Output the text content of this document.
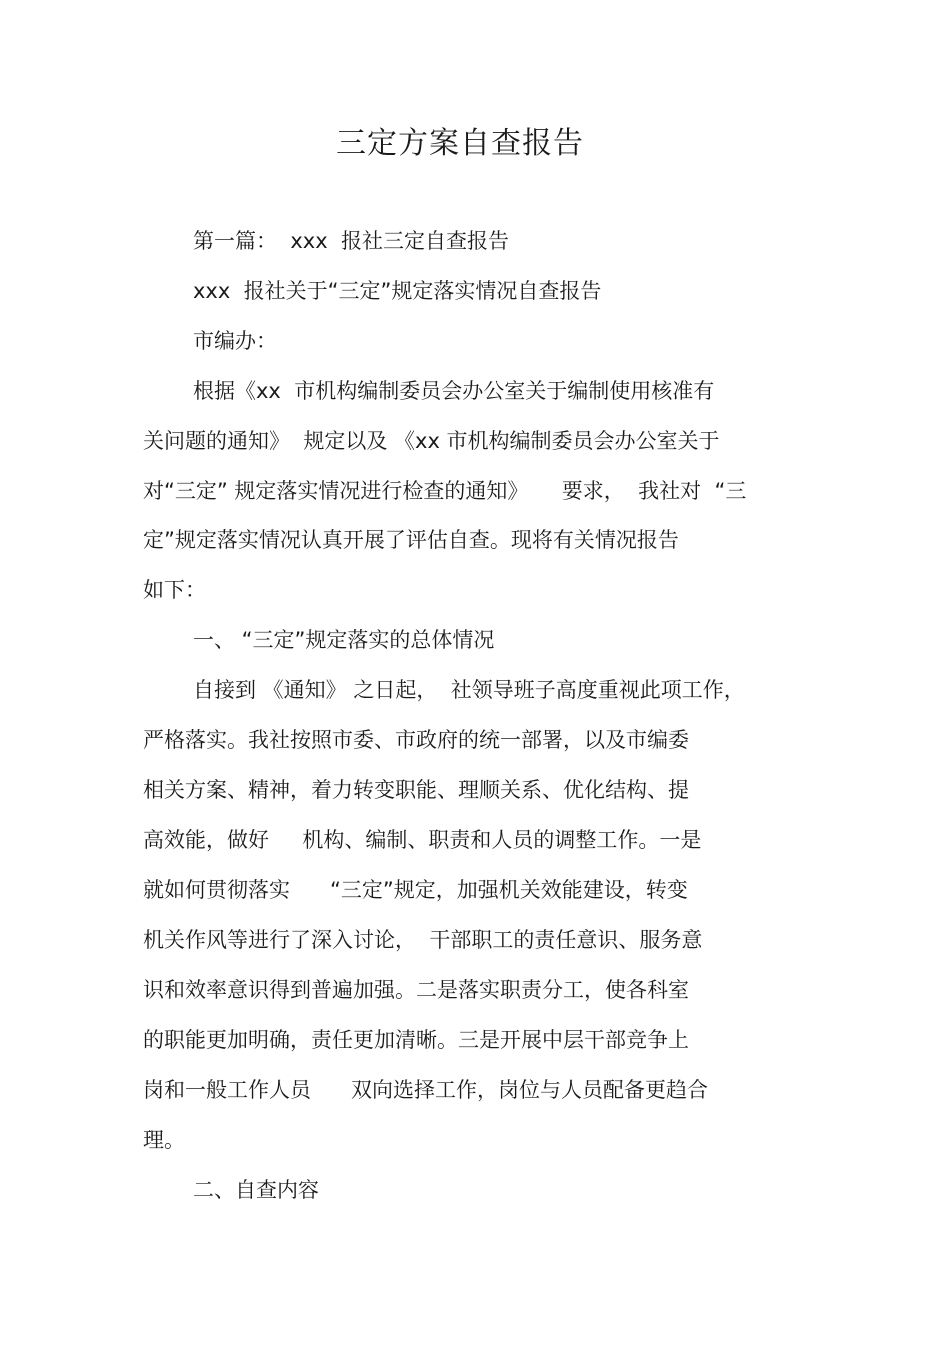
三定方案自查报告
第一篇：  xxx  报社三定自查报告
xxx  报社关于“三定”规定落实情况自查报告
市编办：
根据《xx  市机构编制委员会办公室关于编制使用核准有
关问题的通知》  规定以及 《xx 市机构编制委员会办公室关于
对“三定” 规定落实情况进行检查的通知》     要求，  我社对  “三
定”规定落实情况认真开展了评估自查。现将有关情况报告
如下：
一、 “三定”规定落实的总体情况
自接到 《通知》 之日起，  社领导班子高度重视此项工作，
严格落实。我社按照市委、市政府的统一部署，以及市编委
相关方案、精神，着力转变职能、理顺关系、优化结构、提
高效能，做好     机构、编制、职责和人员的调整工作。一是
就如何贯彻落实      “三定”规定，加强机关效能建设，转变
机关作风等进行了深入讨论，  干部职工的责任意识、服务意
识和效率意识得到普遍加强。二是落实职责分工，使各科室
的职能更加明确，责任更加清晰。三是开展中层干部竞争上
岗和一般工作人员      双向选择工作，岗位与人员配备更趋合
理。
二、自查内容
